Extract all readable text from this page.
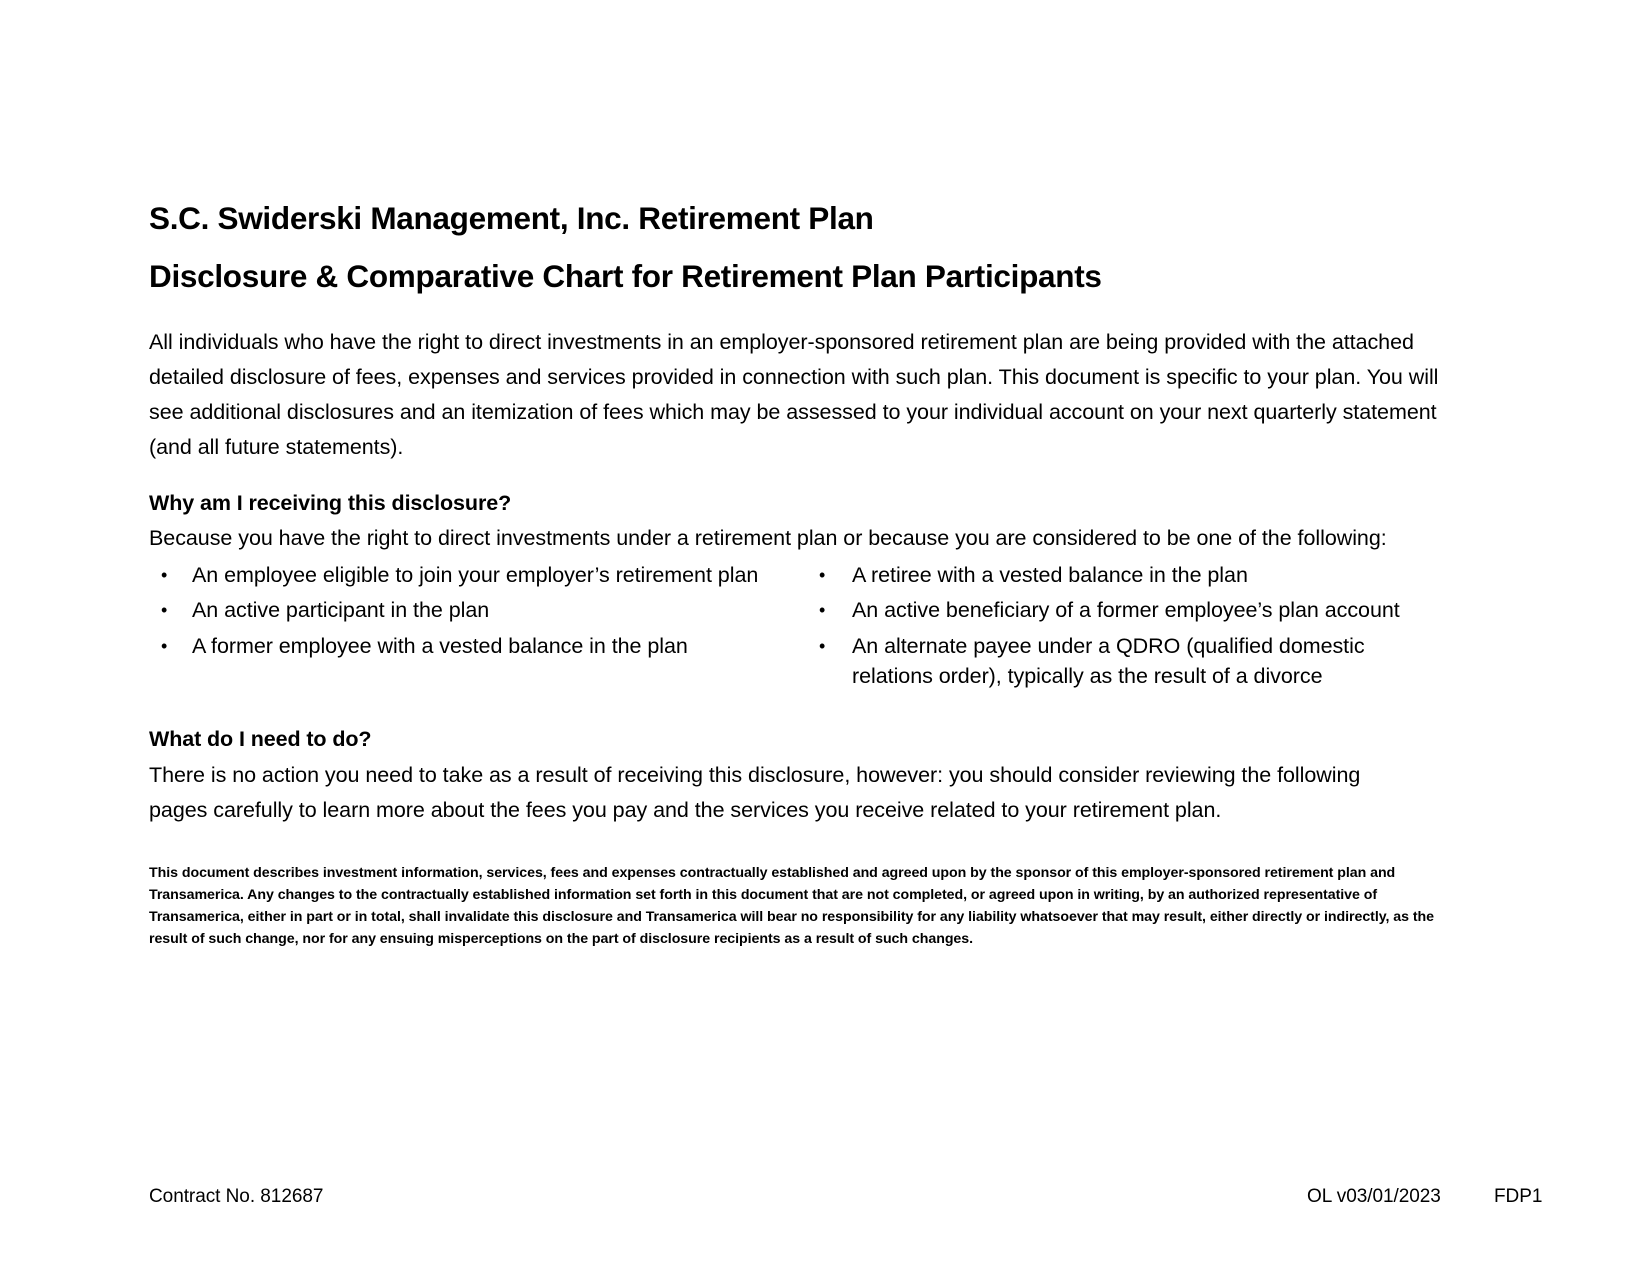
S.C. Swiderski Management, Inc. Retirement Plan
Disclosure & Comparative Chart for Retirement Plan Participants

All individuals who have the right to direct investments in an employer-sponsored retirement plan are being provided with the attached detailed disclosure of fees, expenses and services provided in connection with such plan. This document is specific to your plan. You will see additional disclosures and an itemization of fees which may be assessed to your individual account on your next quarterly statement (and all future statements).

Why am I receiving this disclosure?
Because you have the right to direct investments under a retirement plan or because you are considered to be one of the following:
• An employee eligible to join your employer’s retirement plan
• An active participant in the plan
• A former employee with a vested balance in the plan
• A retiree with a vested balance in the plan
• An active beneficiary of a former employee’s plan account
• An alternate payee under a QDRO (qualified domestic relations order), typically as the result of a divorce
What do I need to do?
There is no action you need to take as a result of receiving this disclosure, however: you should consider reviewing the following pages carefully to learn more about the fees you pay and the services you receive related to your retirement plan.

This document describes investment information, services, fees and expenses contractually established and agreed upon by the sponsor of this employer-sponsored retirement plan and Transamerica. Any changes to the contractually established information set forth in this document that are not completed, or agreed upon in writing, by an authorized representative of Transamerica, either in part or in total, shall invalidate this disclosure and Transamerica will bear no responsibility for any liability whatsoever that may result, either directly or indirectly, as the result of such change, nor for any ensuing misperceptions on the part of disclosure recipients as a result of such changes.

Contract No. 812687	OL v03/01/2023	FDP1
